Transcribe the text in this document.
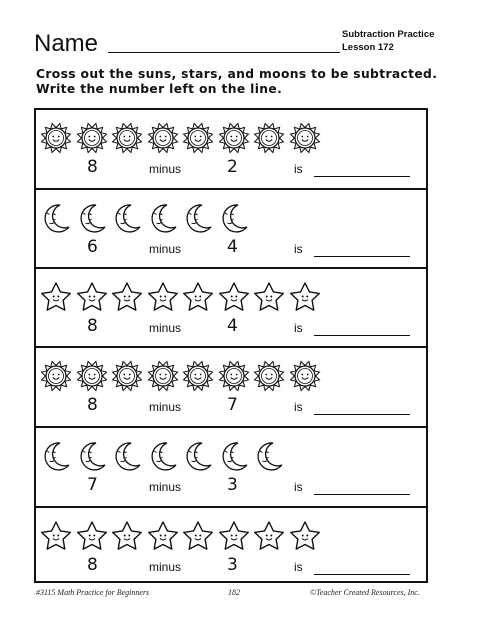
Name	Subtraction Practice
Lesson 172
Cross out the suns, stars, and moons to be subtracted.
Write the number left on the line.
8	minus	2	is
6	minus	4	is
8	minus	4	is
8	minus	7	is
7	minus	3	is
8	minus	3	is
#3115 Math Practice for Beginners	182	©Teacher Created Resources, Inc.
